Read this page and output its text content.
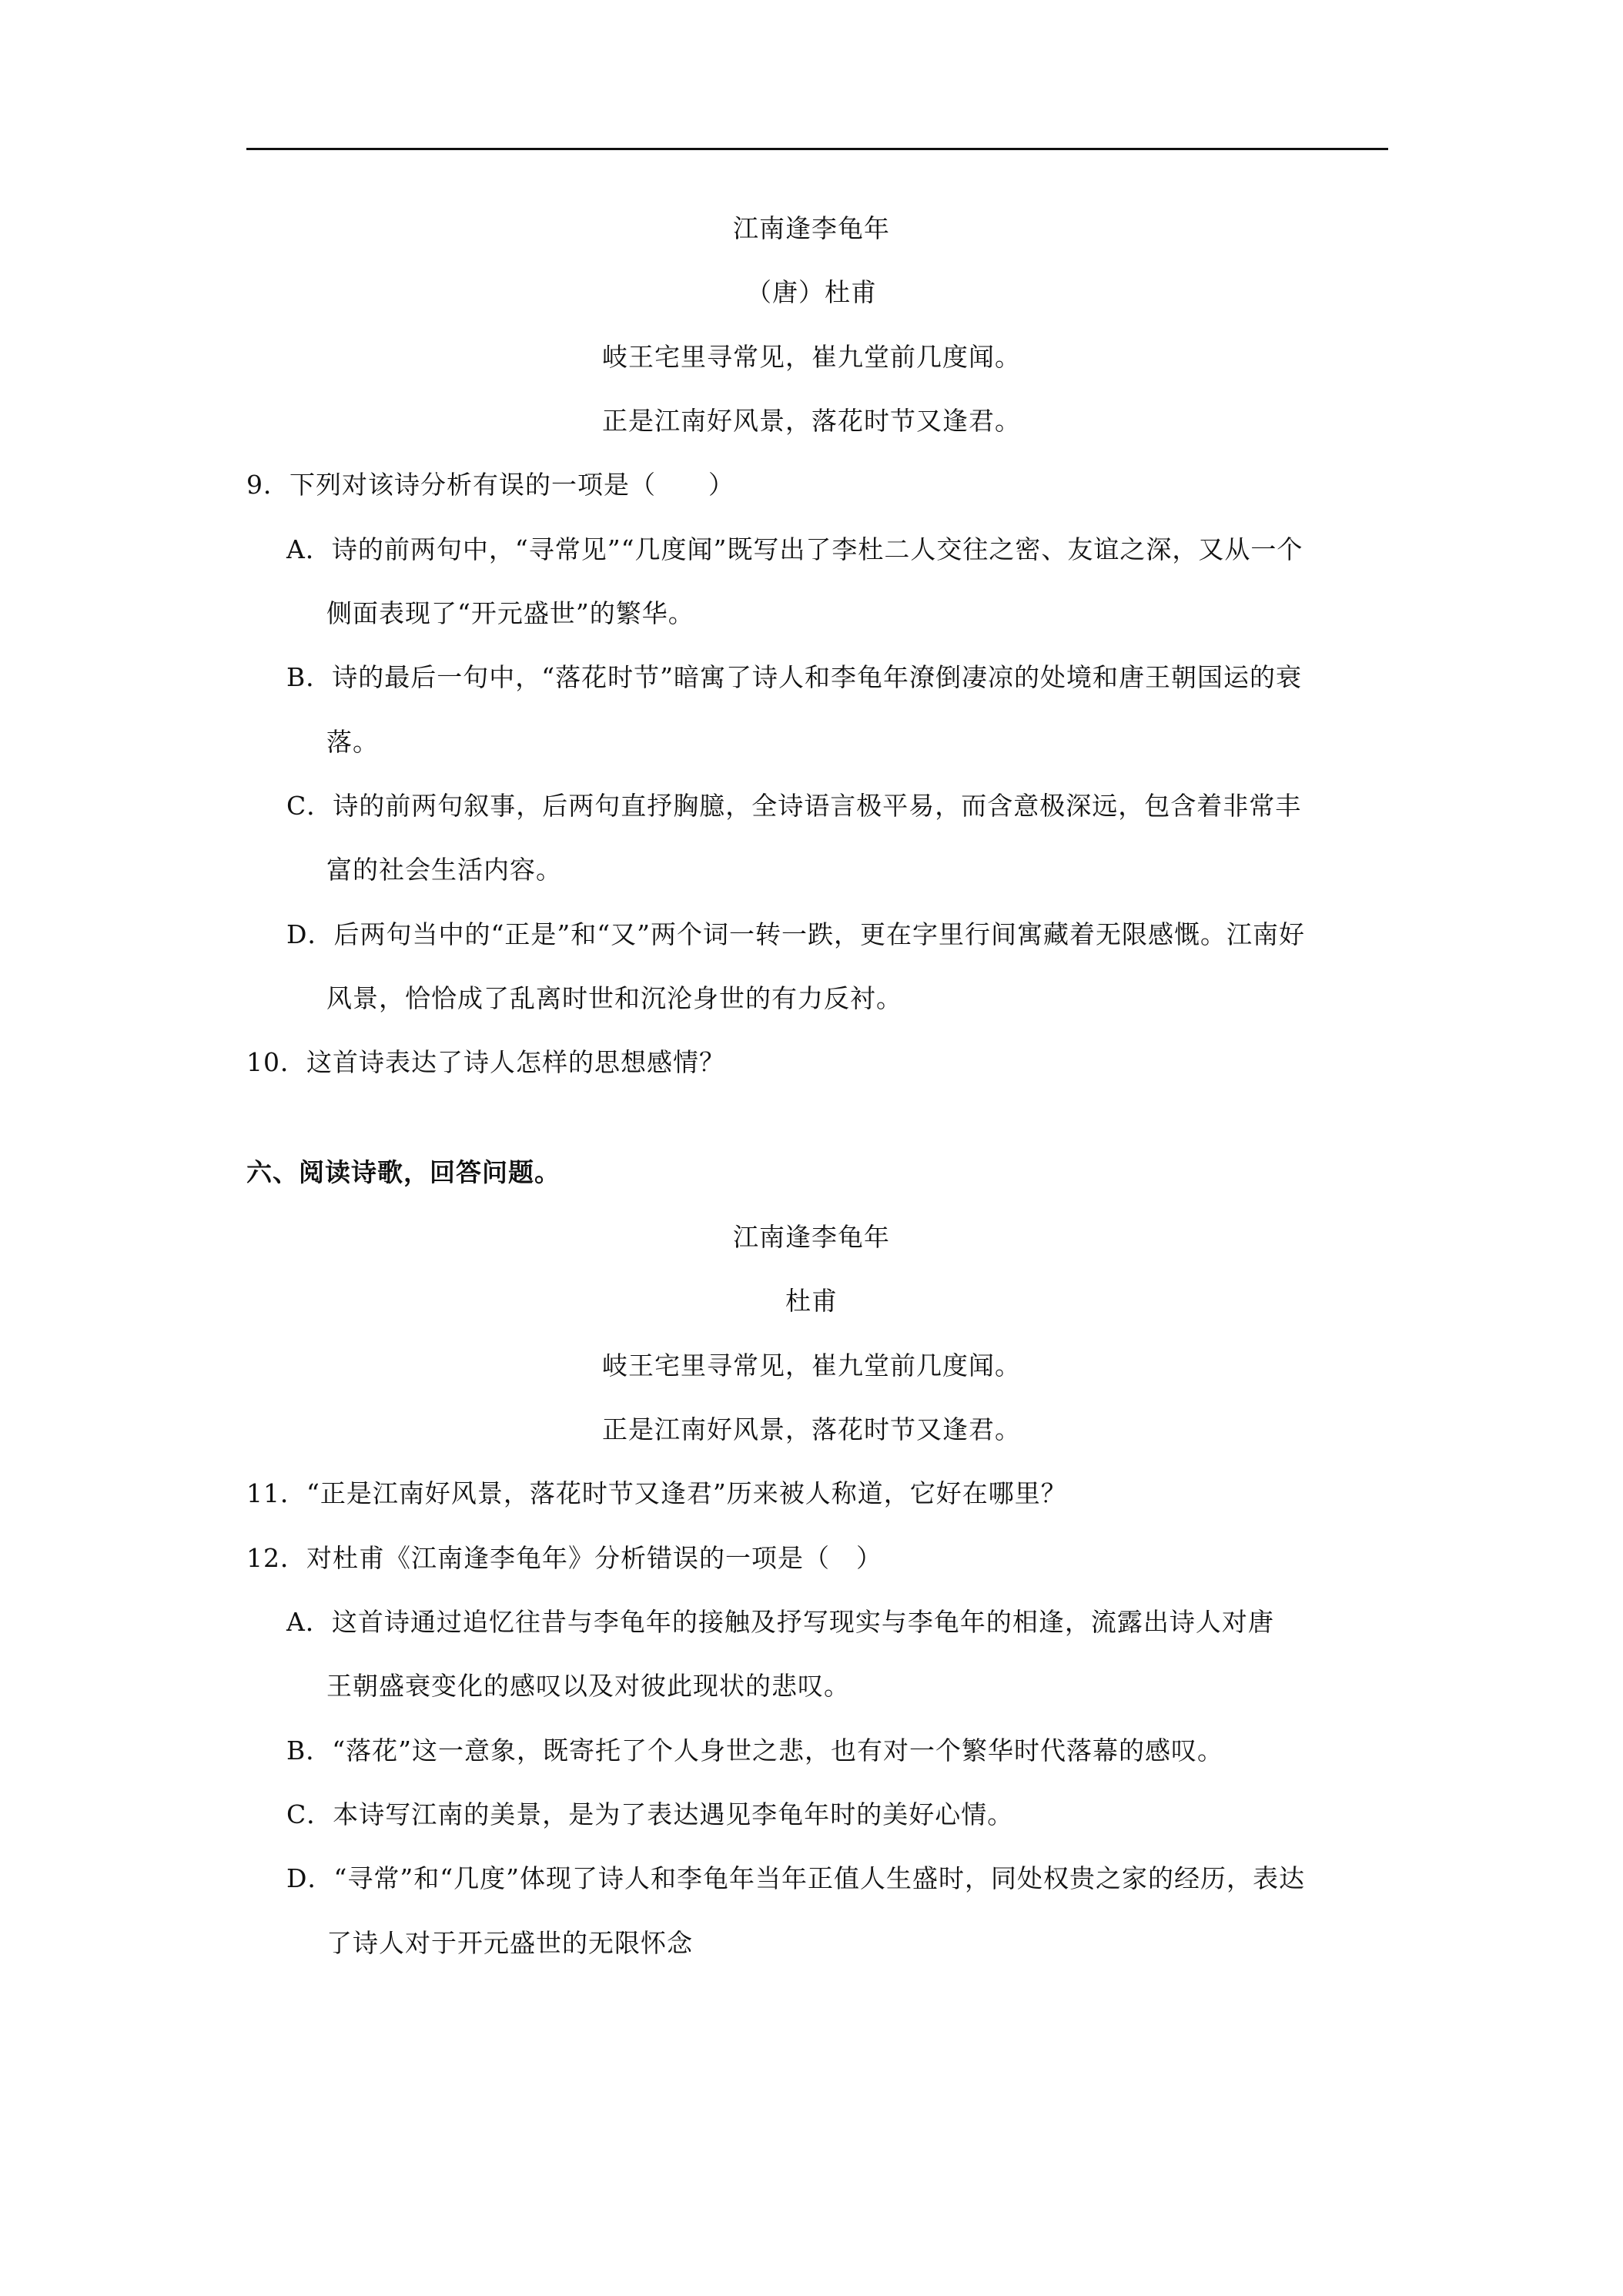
江南逢李龟年
（唐）杜甫
岐王宅里寻常见，崔九堂前几度闻。
正是江南好风景，落花时节又逢君。
9．下列对该诗分析有误的一项是（　　）
A．诗的前两句中，“寻常见”“几度闻”既写出了李杜二人交往之密、友谊之深，又从一个
侧面表现了“开元盛世”的繁华。
B．诗的最后一句中，“落花时节”暗寓了诗人和李龟年潦倒凄凉的处境和唐王朝国运的衰
落。
C．诗的前两句叙事，后两句直抒胸臆，全诗语言极平易，而含意极深远，包含着非常丰
富的社会生活内容。
D．后两句当中的“正是”和“又”两个词一转一跌，更在字里行间寓藏着无限感慨。江南好
风景，恰恰成了乱离时世和沉沦身世的有力反衬。
10．这首诗表达了诗人怎样的思想感情？
六、阅读诗歌，回答问题。
江南逢李龟年
杜甫
岐王宅里寻常见，崔九堂前几度闻。
正是江南好风景，落花时节又逢君。
11．“正是江南好风景，落花时节又逢君”历来被人称道，它好在哪里？
12．对杜甫《江南逢李龟年》分析错误的一项是（　）
A．这首诗通过追忆往昔与李龟年的接触及抒写现实与李龟年的相逢，流露出诗人对唐
王朝盛衰变化的感叹以及对彼此现状的悲叹。
B．“落花”这一意象，既寄托了个人身世之悲，也有对一个繁华时代落幕的感叹。
C．本诗写江南的美景，是为了表达遇见李龟年时的美好心情。
D．“寻常”和“几度”体现了诗人和李龟年当年正值人生盛时，同处权贵之家的经历，表达
了诗人对于开元盛世的无限怀念
